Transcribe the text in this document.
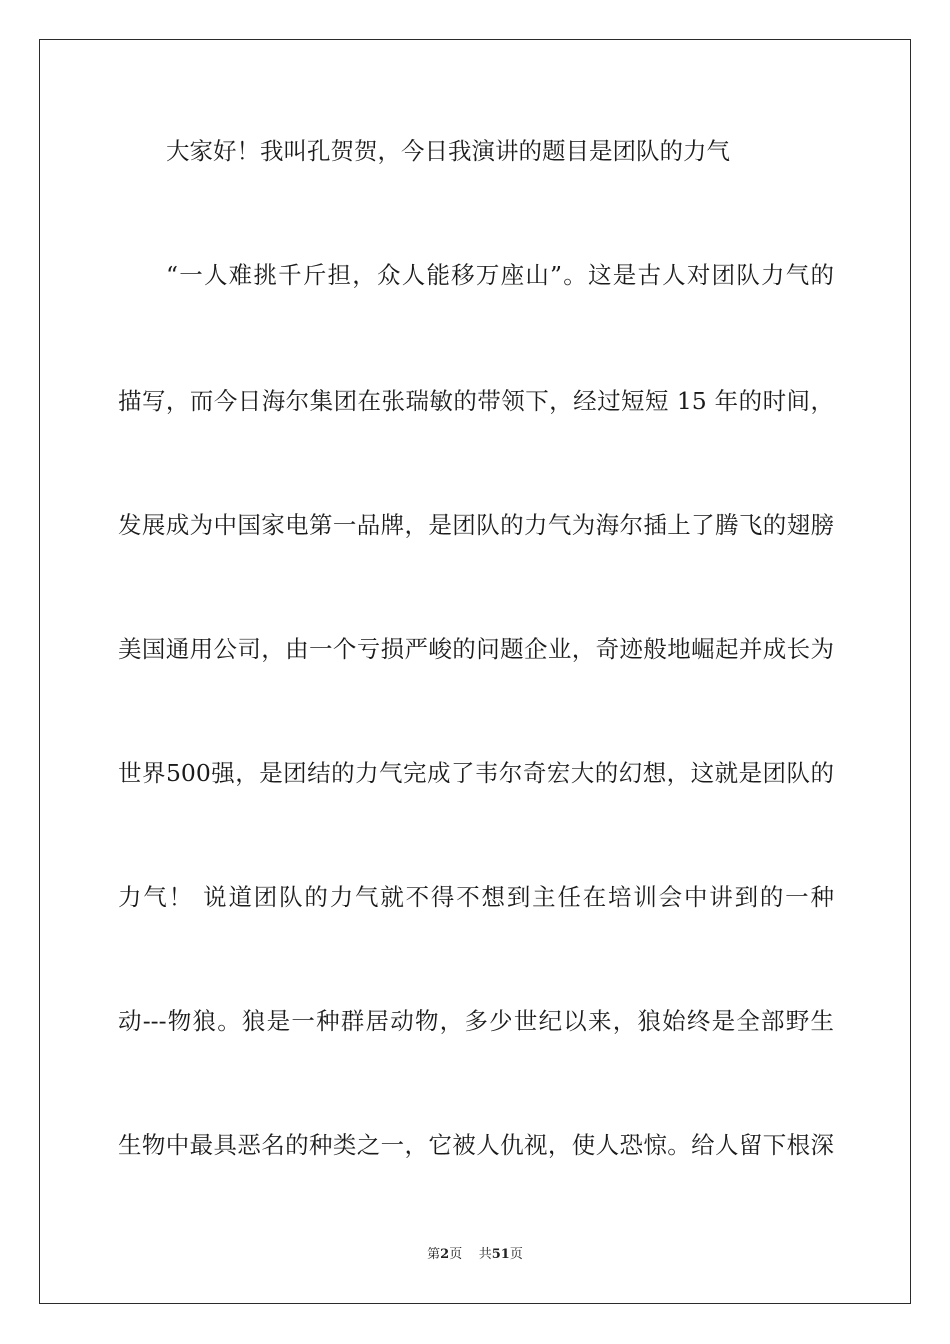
大家好！我叫孔贺贺，今日我演讲的题目是团队的力气
“一人难挑千斤担，众人能移万座山”。这是古人对团队力气的
描写，而今日海尔集团在张瑞敏的带领下，经过短短 15 年的时间，
发展成为中国家电第一品牌，是团队的力气为海尔插上了腾飞的翅膀
美国通用公司，由一个亏损严峻的问题企业，奇迹般地崛起并成长为
世界500强，是团结的力气完成了韦尔奇宏大的幻想，这就是团队的
力气！ 说道团队的力气就不得不想到主任在培训会中讲到的一种
动---物狼。狼是一种群居动物，多少世纪以来，狼始终是全部野生
生物中最具恶名的种类之一，它被人仇视，使人恐惊。给人留下根深
第2页    共51页
